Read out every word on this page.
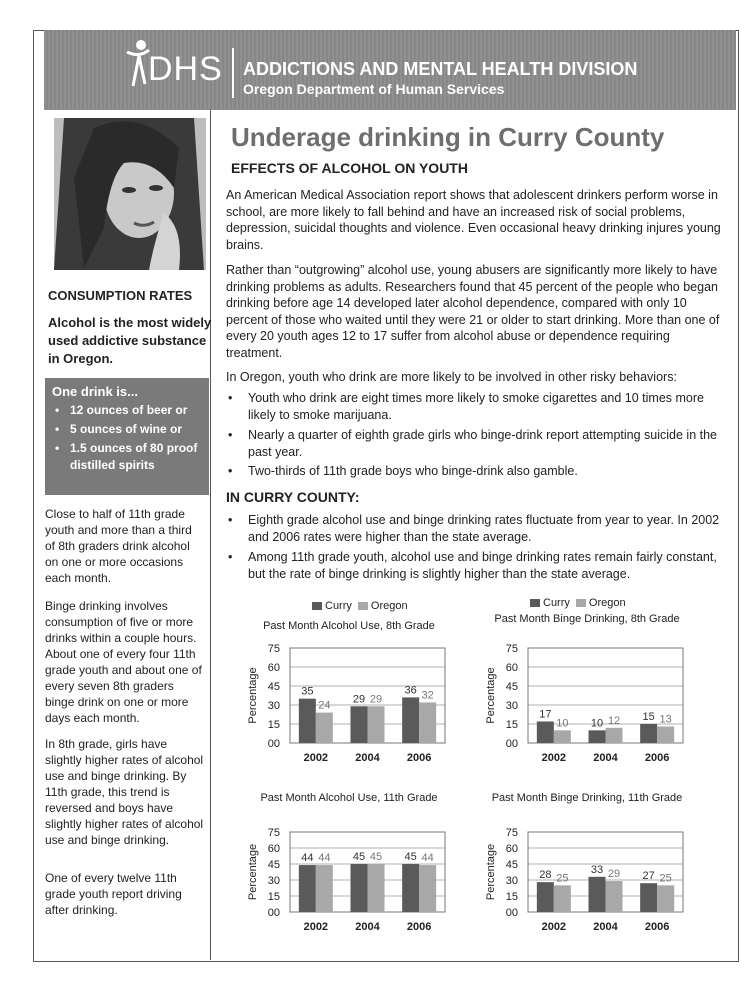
DHS ADDICTIONS AND MENTAL HEALTH DIVISION
Oregon Department of Human Services
CONSUMPTION RATES
Alcohol is the most widely used addictive substance in Oregon.
One drink is...
• 12 ounces of beer or
• 5 ounces of wine or
• 1.5 ounces of 80 proof distilled spirits
Close to half of 11th grade youth and more than a third of 8th graders drink alcohol on one or more occasions each month.
Binge drinking involves consumption of five or more drinks within a couple hours. About one of every four 11th grade youth and about one of every seven 8th graders binge drink on one or more days each month.
In 8th grade, girls have slightly higher rates of alcohol use and binge drinking. By 11th grade, this trend is reversed and boys have slightly higher rates of alcohol use and binge drinking.
One of every twelve 11th grade youth report driving after drinking.
Underage drinking in Curry County
EFFECTS OF ALCOHOL ON YOUTH
An American Medical Association report shows that adolescent drinkers perform worse in school, are more likely to fall behind and have an increased risk of social problems, depression, suicidal thoughts and violence. Even occasional heavy drinking injures young brains.
Rather than “outgrowing” alcohol use, young abusers are significantly more likely to have drinking problems as adults. Researchers found that 45 percent of the people who began drinking before age 14 developed later alcohol dependence, compared with only 10 percent of those who waited until they were 21 or older to start drinking. More than one of every 20 youth ages 12 to 17 suffer from alcohol abuse or dependence requiring treatment.
In Oregon, youth who drink are more likely to be involved in other risky behaviors:
• Youth who drink are eight times more likely to smoke cigarettes and 10 times more likely to smoke marijuana.
• Nearly a quarter of eighth grade girls who binge-drink report attempting suicide in the past year.
• Two-thirds of 11th grade boys who binge-drink also gamble.
IN CURRY COUNTY:
• Eighth grade alcohol use and binge drinking rates fluctuate from year to year. In 2002 and 2006 rates were higher than the state average.
• Among 11th grade youth, alcohol use and binge drinking rates remain fairly constant, but the rate of binge drinking is slightly higher than the state average.
Curry Oregon
Past Month Alcohol Use, 8th Grade
00
15
30
45
60
75
Percentage	35
24
2002
29 29
2004
36 32
2006
Curry Oregon
Past Month Binge Drinking, 8th Grade
00
15
30
45
60
75
Percentage	17
10
2002
10 12
2004
15 13
2006
Past Month Alcohol Use, 11th Grade
00
15
30
45
60
75
Percentage	44 44
2002
45 45
2004
45 44
2006
Past Month Binge Drinking, 11th Grade
00
15
30
45
60
75
Percentage	28 25
2002
33 29
2004
27 25
2006
